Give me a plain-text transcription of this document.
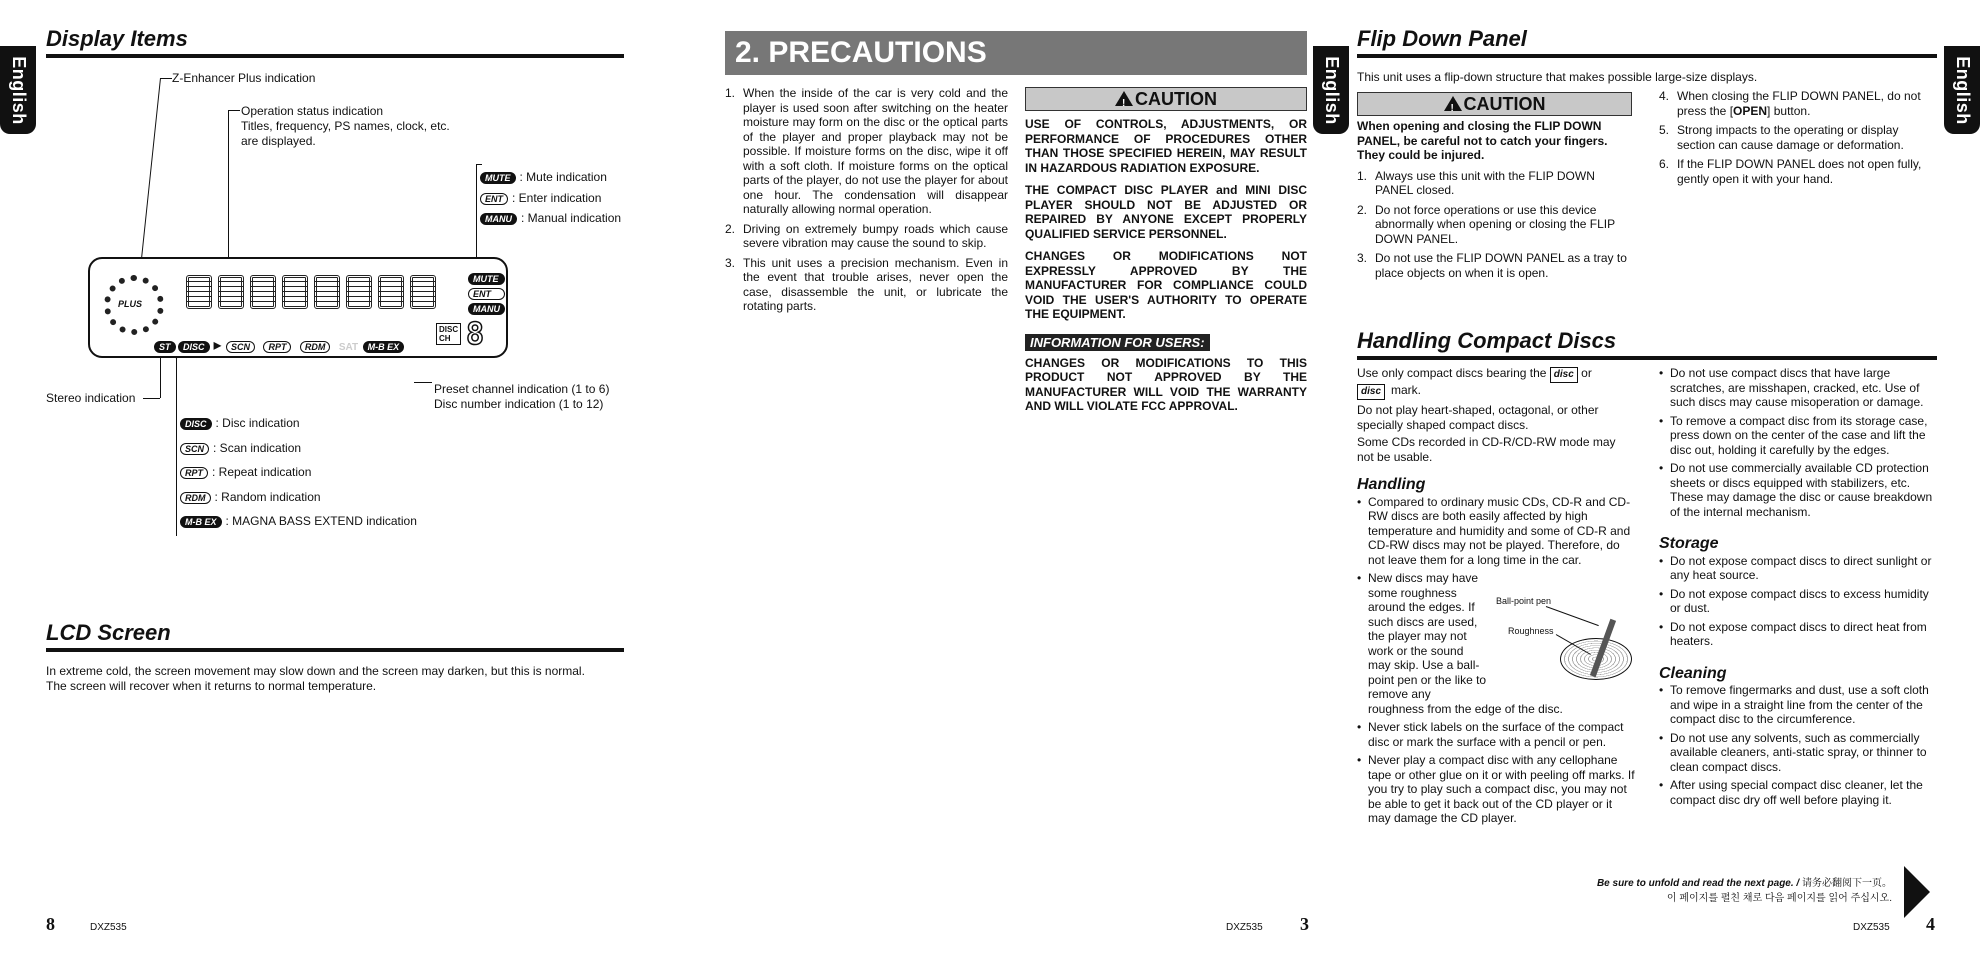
English	English	English
Display Items
Z-Enhancer Plus indication
Operation status indication
Titles, frequency, PS names, clock, etc.
are displayed.
MUTE : Mute indication
ENT : Enter indication
MANU : Manual indication
PLUS
MUTE
ENT
MANU
ST	DISC ▸ SCN RPT RDM SAT M-B EX
DISC
CH 8
Stereo indication
Preset channel indication (1 to 6)
Disc number indication (1 to 12)
DISC : Disc indication
SCN : Scan indication
RPT : Repeat indication
RDM : Random indication
M-B EX : MAGNA BASS EXTEND indication
LCD Screen
In extreme cold, the screen movement may slow down and the screen may darken, but this is normal.
The screen will recover when it returns to normal temperature.
8	DXZ535
2. PRECAUTIONS
1. When the inside of the car is very cold and the player is used soon after switching on the heater moisture may form on the disc or the optical parts of the player and proper playback may not be possible. If moisture forms on the disc, wipe it off with a soft cloth. If moisture forms on the optical parts of the player, do not use the player for about one hour. The condensation will disappear naturally allowing normal operation.
2. Driving on extremely bumpy roads which cause severe vibration may cause the sound to skip.
3. This unit uses a precision mechanism. Even in the event that trouble arises, never open the case, disassemble the unit, or lubricate the rotating parts.
!CAUTION
USE OF CONTROLS, ADJUSTMENTS, OR PERFORMANCE OF PROCEDURES OTHER THAN THOSE SPECIFIED HEREIN, MAY RESULT IN HAZARDOUS RADIATION EXPOSURE.
THE COMPACT DISC PLAYER and MINI DISC PLAYER SHOULD NOT BE ADJUSTED OR REPAIRED BY ANYONE EXCEPT PROPERLY QUALIFIED SERVICE PERSONNEL.
CHANGES OR MODIFICATIONS NOT EXPRESSLY APPROVED BY THE MANUFACTURER FOR COMPLIANCE COULD VOID THE USER'S AUTHORITY TO OPERATE THE EQUIPMENT.
INFORMATION FOR USERS:
CHANGES OR MODIFICATIONS TO THIS PRODUCT NOT APPROVED BY THE MANUFACTURER WILL VOID THE WARRANTY AND WILL VIOLATE FCC APPROVAL.
DXZ535 3
Flip Down Panel
This unit uses a flip-down structure that makes possible large-size displays.
!CAUTION
When opening and closing the FLIP DOWN PANEL, be careful not to catch your fingers. They could be injured.
1. Always use this unit with the FLIP DOWN PANEL closed.
2. Do not force operations or use this device abnormally when opening or closing the FLIP DOWN PANEL.
3. Do not use the FLIP DOWN PANEL as a tray to place objects on when it is open.
4. When closing the FLIP DOWN PANEL, do not press the [OPEN] button.
5. Strong impacts to the operating or display section can cause damage or deformation.
6. If the FLIP DOWN PANEL does not open fully, gently open it with your hand.
Handling Compact Discs
Use only compact discs bearing the disc or
disc mark.
Do not play heart-shaped, octagonal, or other specially shaped compact discs.
Some CDs recorded in CD-R/CD-RW mode may not be usable.
Handling
• Compared to ordinary music CDs, CD-R and CD-RW discs are both easily affected by high temperature and humidity and some of CD-R and CD-RW discs may not be played. Therefore, do not leave them for a long time in the car.
• New discs may have some roughness around the edges. If such discs are used, the player may not work or the sound may skip. Use a ball-point pen or the like to remove any
roughness from the edge of the disc.
• Never stick labels on the surface of the compact disc or mark the surface with a pencil or pen.
• Never play a compact disc with any cellophane tape or other glue on it or with peeling off marks. If you try to play such a compact disc, you may not be able to get it back out of the CD player or it may damage the CD player.
Ball-point pen
Roughness
• Do not use compact discs that have large scratches, are misshapen, cracked, etc. Use of such discs may cause misoperation or damage.
• To remove a compact disc from its storage case, press down on the center of the case and lift the disc out, holding it carefully by the edges.
• Do not use commercially available CD protection sheets or discs equipped with stabilizers, etc. These may damage the disc or cause breakdown of the internal mechanism.
Storage
• Do not expose compact discs to direct sunlight or any heat source.
• Do not expose compact discs to excess humidity or dust.
• Do not expose compact discs to direct heat from heaters.
Cleaning
• To remove fingermarks and dust, use a soft cloth and wipe in a straight line from the center of the compact disc to the circumference.
• Do not use any solvents, such as commercially available cleaners, anti-static spray, or thinner to clean compact discs.
• After using special compact disc cleaner, let the compact disc dry off well before playing it.
Be sure to unfold and read the next page. / 请务必翻阅下一页。
이 페이지를 펼친 채로 다음 페이지를 읽어 주십시오.
DXZ535 4
